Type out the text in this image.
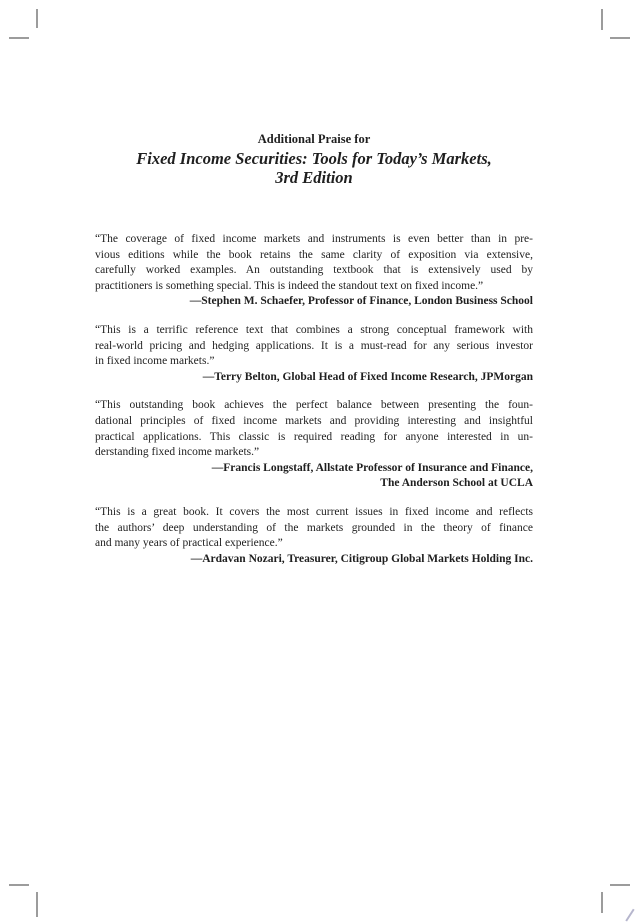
Additional Praise for
Fixed Income Securities: Tools for Today’s Markets,
3rd Edition
“The coverage of fixed income markets and instruments is even better than in pre-
vious editions while the book retains the same clarity of exposition via extensive,
carefully worked examples. An outstanding textbook that is extensively used by
practitioners is something special. This is indeed the standout text on fixed income.”
—Stephen M. Schaefer, Professor of Finance, London Business School
“This is a terrific reference text that combines a strong conceptual framework with
real-world pricing and hedging applications. It is a must-read for any serious investor
in fixed income markets.”
—Terry Belton, Global Head of Fixed Income Research, JPMorgan
“This outstanding book achieves the perfect balance between presenting the foun-
dational principles of fixed income markets and providing interesting and insightful
practical applications. This classic is required reading for anyone interested in un-
derstanding fixed income markets.”
—Francis Longstaff, Allstate Professor of Insurance and Finance,
The Anderson School at UCLA
“This is a great book. It covers the most current issues in fixed income and reflects
the authors’ deep understanding of the markets grounded in the theory of finance
and many years of practical experience.”
—Ardavan Nozari, Treasurer, Citigroup Global Markets Holding Inc.
